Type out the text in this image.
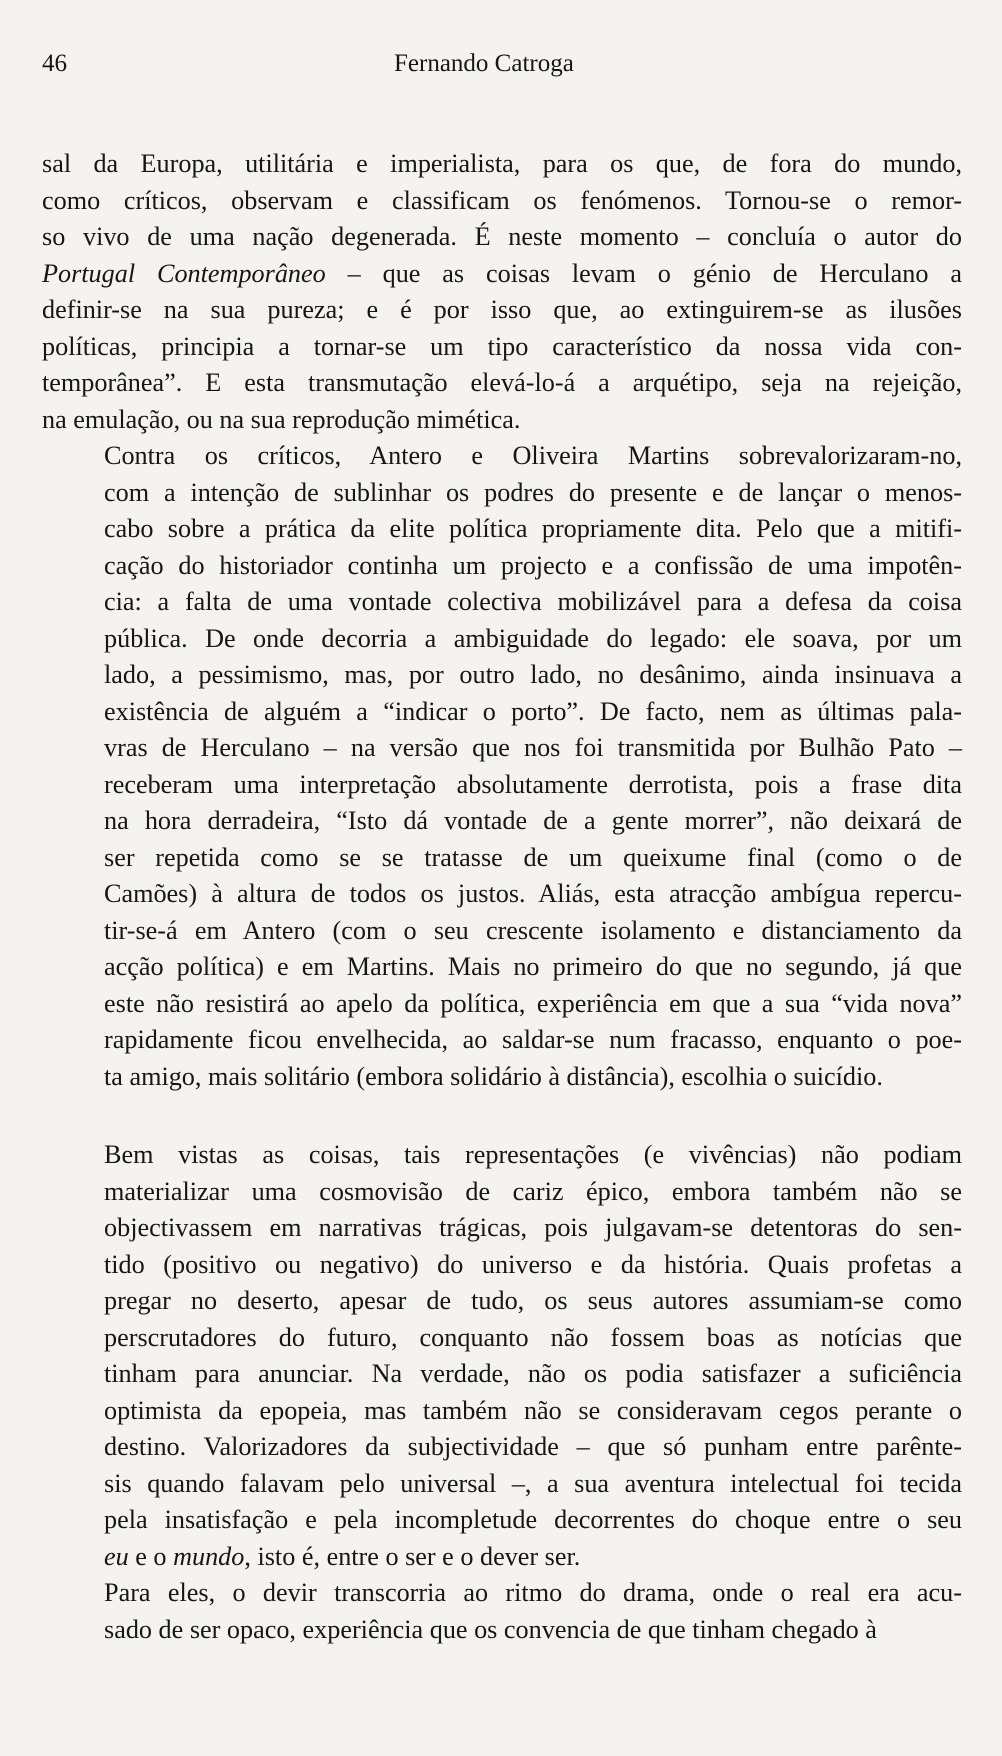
46	Fernando Catroga

sal da Europa, utilitária e imperialista, para os que, de fora do mundo,
como críticos, observam e classificam os fenómenos. Tornou-se o remor-
so vivo de uma nação degenerada. É neste momento – concluía o autor do
Portugal Contemporâneo – que as coisas levam o génio de Herculano a
definir-se na sua pureza; e é por isso que, ao extinguirem-se as ilusões
políticas, principia a tornar-se um tipo característico da nossa vida con-
temporânea”. E esta transmutação elevá-lo-á a arquétipo, seja na rejeição,
na emulação, ou na sua reprodução mimética.

Contra os críticos, Antero e Oliveira Martins sobrevalorizaram-no,
com a intenção de sublinhar os podres do presente e de lançar o menos-
cabo sobre a prática da elite política propriamente dita. Pelo que a mitifi-
cação do historiador continha um projecto e a confissão de uma impotên-
cia: a falta de uma vontade colectiva mobilizável para a defesa da coisa
pública. De onde decorria a ambiguidade do legado: ele soava, por um
lado, a pessimismo, mas, por outro lado, no desânimo, ainda insinuava a
existência de alguém a “indicar o porto”. De facto, nem as últimas pala-
vras de Herculano – na versão que nos foi transmitida por Bulhão Pato –
receberam uma interpretação absolutamente derrotista, pois a frase dita
na hora derradeira, “Isto dá vontade de a gente morrer”, não deixará de
ser repetida como se se tratasse de um queixume final (como o de
Camões) à altura de todos os justos. Aliás, esta atracção ambígua repercu-
tir-se-á em Antero (com o seu crescente isolamento e distanciamento da
acção política) e em Martins. Mais no primeiro do que no segundo, já que
este não resistirá ao apelo da política, experiência em que a sua “vida nova”
rapidamente ficou envelhecida, ao saldar-se num fracasso, enquanto o poe-
ta amigo, mais solitário (embora solidário à distância), escolhia o suicídio.

Bem vistas as coisas, tais representações (e vivências) não podiam
materializar uma cosmovisão de cariz épico, embora também não se
objectivassem em narrativas trágicas, pois julgavam-se detentoras do sen-
tido (positivo ou negativo) do universo e da história. Quais profetas a
pregar no deserto, apesar de tudo, os seus autores assumiam-se como
perscrutadores do futuro, conquanto não fossem boas as notícias que
tinham para anunciar. Na verdade, não os podia satisfazer a suficiência
optimista da epopeia, mas também não se consideravam cegos perante o
destino. Valorizadores da subjectividade – que só punham entre parênte-
sis quando falavam pelo universal –, a sua aventura intelectual foi tecida
pela insatisfação e pela incompletude decorrentes do choque entre o seu
eu e o mundo, isto é, entre o ser e o dever ser.

Para eles, o devir transcorria ao ritmo do drama, onde o real era acu-
sado de ser opaco, experiência que os convencia de que tinham chegado à
